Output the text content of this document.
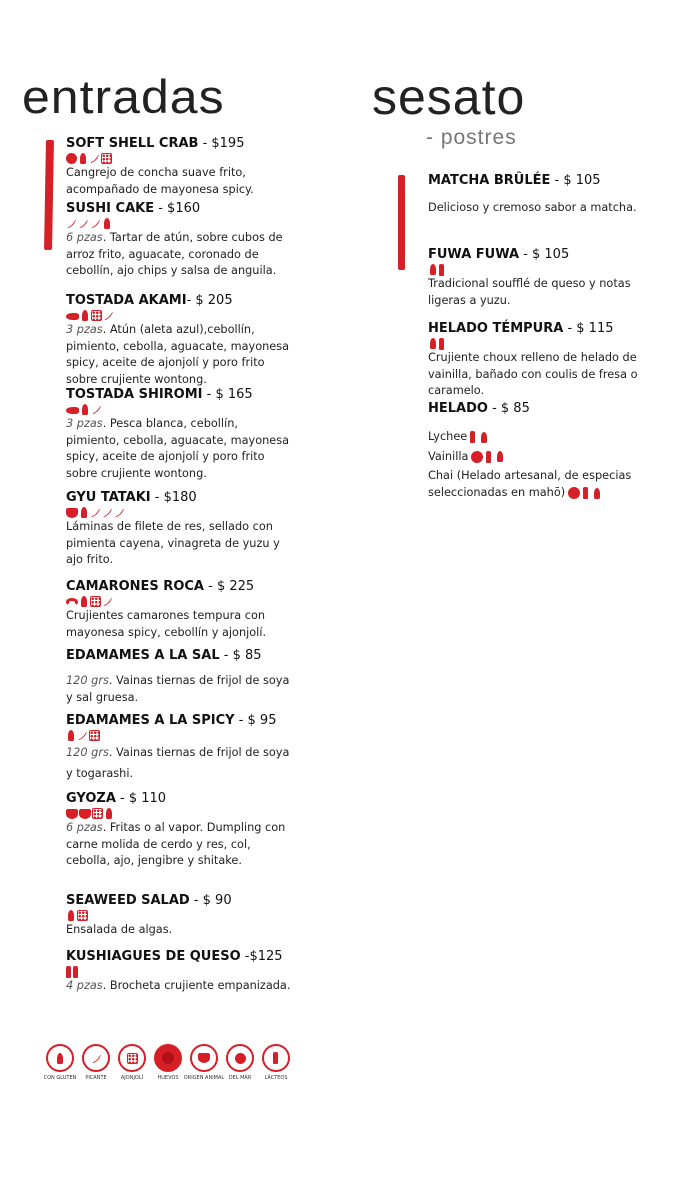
entradas	sesato
- postres
SOFT SHELL CRAB - $195
Cangrejo de concha suave frito, acompañado de mayonesa spicy.
SUSHI CAKE - $160
6 pzas. Tartar de atún, sobre cubos de arroz frito, aguacate, coronado de cebollín, ajo chips y salsa de anguila.
TOSTADA AKAMI- $ 205
3 pzas. Atún (aleta azul),cebollín, pimiento, cebolla, aguacate, mayonesa spicy, aceite de ajonjolí y poro frito sobre crujiente wontong.
TOSTADA SHIROMI - $ 165
3 pzas. Pesca blanca, cebollín, pimiento, cebolla, aguacate, mayonesa spicy, aceite de ajonjolí y poro frito sobre crujiente wontong.
GYU TATAKI - $180
Láminas de filete de res, sellado con pimienta cayena, vinagreta de yuzu y ajo frito.
CAMARONES ROCA - $ 225
Crujientes camarones tempura con mayonesa spicy, cebollín y ajonjolí.
EDAMAMES A LA SAL - $ 85
120 grs. Vainas tiernas de frijol de soya y sal gruesa.
EDAMAMES A LA SPICY - $ 95
120 grs. Vainas tiernas de frijol de soya y togarashi.
GYOZA - $ 110
6 pzas. Fritas o al vapor. Dumpling con carne molida de cerdo y res, col, cebolla, ajo, jengibre y shitake.
SEAWEED SALAD - $ 90
Ensalada de algas.
KUSHIAGUES DE QUESO -$125
4 pzas. Brocheta crujiente empanizada.
MATCHA BRÛLÉE - $ 105
Delicioso y cremoso sabor a matcha.
FUWA FUWA - $ 105
Tradicional soufflé de queso y notas ligeras a yuzu.
HELADO TÉMPURA - $ 115
Crujiente choux relleno de helado de vainilla, bañado con coulis de fresa o caramelo.
HELADO - $ 85
Lychee
Vainilla
Chai (Helado artesanal, de especias
seleccionadas en mahō)
CON GLUTEN PICANTE	AJONJOLÍ	HUEVOS ORIGEN ANIMAL DEL MAR	LÁCTEOS
